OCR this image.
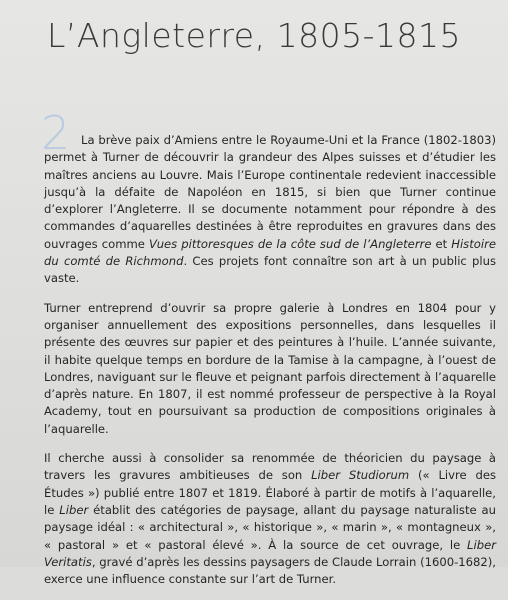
L’Angleterre, 1805-1815
2 La brève paix d’Amiens entre le Royaume-Uni et la France (1802-1803) permet à Turner de découvrir la grandeur des Alpes suisses et d’étudier les maîtres anciens au Louvre. Mais l’Europe continentale redevient inaccessible jusqu’à la défaite de Napoléon en 1815, si bien que Turner continue d’explorer l’Angleterre. Il se documente notamment pour répondre à des commandes d’aquarelles destinées à être reproduites en gravures dans des ouvrages comme Vues pittoresques de la côte sud de l’Angleterre et Histoire du comté de Richmond. Ces projets font connaître son art à un public plus vaste.

Turner entreprend d’ouvrir sa propre galerie à Londres en 1804 pour y organiser annuellement des expositions personnelles, dans lesquelles il présente des œuvres sur papier et des peintures à l’huile. L’année suivante, il habite quelque temps en bordure de la Tamise à la campagne, à l’ouest de Londres, naviguant sur le fleuve et peignant parfois directement à l’aquarelle d’après nature. En 1807, il est nommé professeur de perspective à la Royal Academy, tout en poursuivant sa production de compositions originales à l’aquarelle.

Il cherche aussi à consolider sa renommée de théoricien du paysage à travers les gravures ambitieuses de son Liber Studiorum (« Livre des Études ») publié entre 1807 et 1819. Élaboré à partir de motifs à l’aquarelle, le Liber établit des catégories de paysage, allant du paysage naturaliste au paysage idéal : « architectural », « historique », « marin », « montagneux », « pastoral » et « pastoral élevé ». À la source de cet ouvrage, le Liber Veritatis, gravé d’après les dessins paysagers de Claude Lorrain (1600-1682), exerce une influence constante sur l’art de Turner.
